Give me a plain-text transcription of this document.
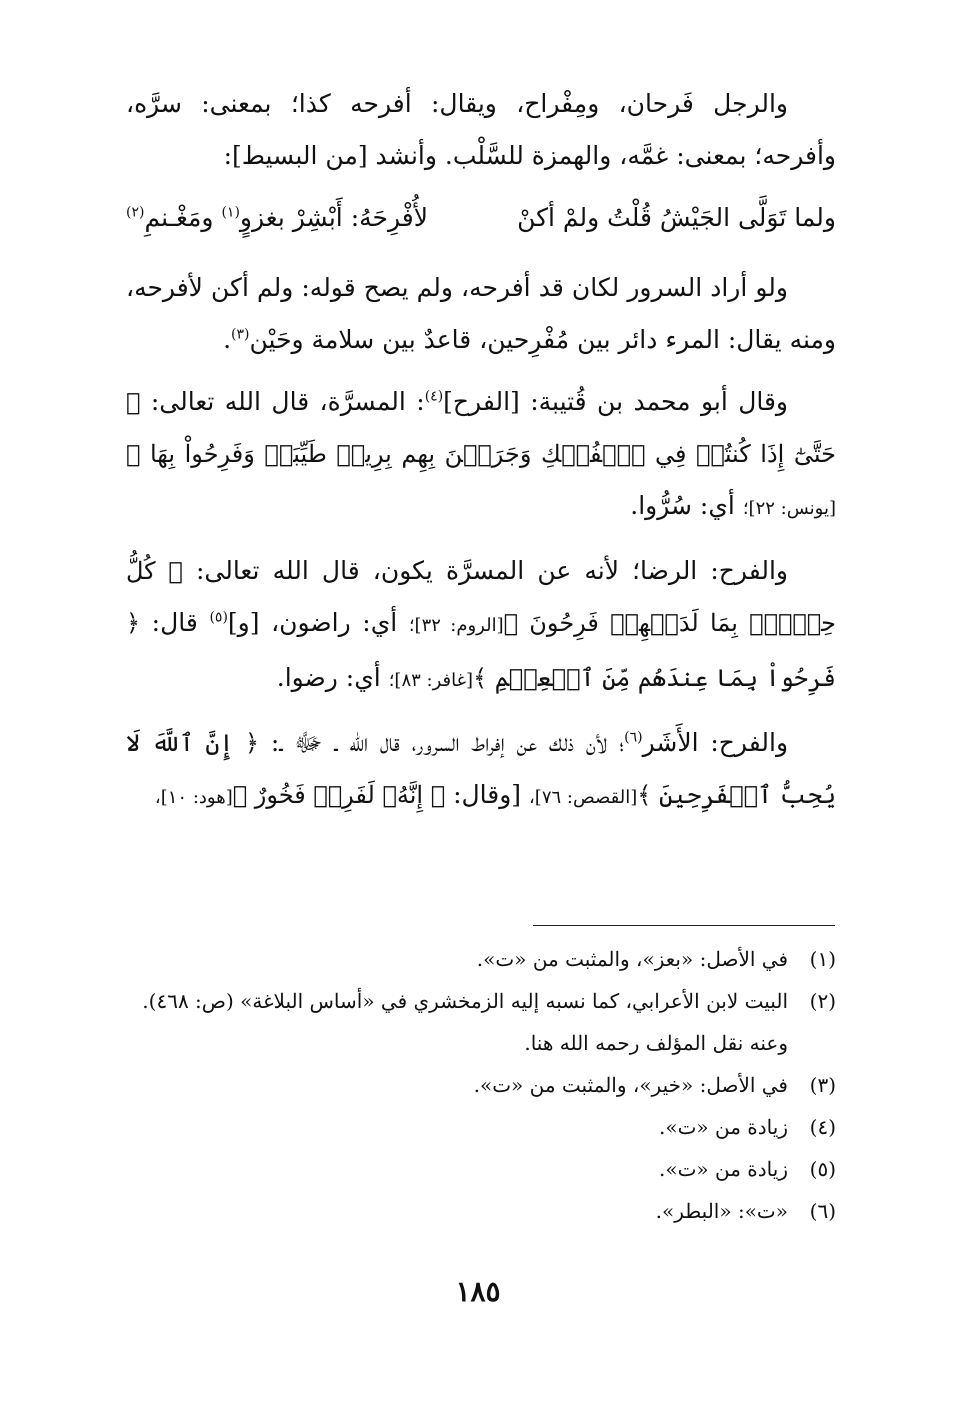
والرجل فَرحان، ومِفْراح، ويقال: أفرحه كذا؛ بمعنى: سرَّه، وأفرحه؛ بمعنى: غمَّه، والهمزة للسَّلْب. وأنشد [من البسيط]:

ولما تَوَلَّى الجَيْشُ قُلْتُ ولمْ أكنْ
لأُفْرِحَهُ: أَبْشِرْ بغزوٍ$^{(١)}$ ومَغْـنمِ$^{(٢)}$

ولو أراد السرور لكان قد أفرحه، ولم يصح قوله: ولم أكن لأفرحه، ومنه يقال: المرء دائر بين مُفْرِحين، قاعدٌ بين سلامة وحَيْن$^{(٣)}$.

وقال أبو محمد بن قُتيبة: [الفرح]$^{(٤)}$: المسرَّة، قال الله تعالى: ﴿ حَتَّىٰٓ إِذَا كُنتُمۡ فِي ٱلۡفُلۡكِ وَجَرَيۡنَ بِهِم بِرِيحٖ طَيِّبَةٖ وَفَرِحُواْ بِهَا ﴾[يونس: ٢٢]؛ أي: سُرُّوا.

والفرح: الرضا؛ لأنه عن المسرَّة يكون، قال الله تعالى: ﴿ كُلُّ حِزۡبِۭ بِمَا لَدَيۡهِمۡ فَرِحُونَ ﴾[الروم: ٣٢]؛ أي: راضون، [و]$^{(٥)}$ قال: ﴿ فَرِحُواْ بِمَا عِندَهُم مِّنَ ٱلۡعِلۡمِ ﴾[غافر: ٨٣]؛ أي: رضوا.

والفرح: الأَشَر$^{(٦)}$؛ لأن ذلك عن إفراط السرور، قال الله ـ ﷻ ـ: ﴿ إِنَّ ٱللَّهَ لَا يُحِبُّ ٱلۡفَرِحِينَ ﴾[القصص: ٧٦]، [وقال: ﴿ إِنَّهُۥ لَفَرِحٞ فَخُورٌ ﴾[هود: ١٠]،

(١)
في الأصل: «بعز»، والمثبت من «ت».
(٢)
البيت لابن الأعرابي، كما نسبه إليه الزمخشري في «أساس البلاغة» (ص: ٤٦٨). وعنه نقل المؤلف رحمه الله هنا.
(٣)
في الأصل: «خير»، والمثبت من «ت».
(٤)
زيادة من «ت».
(٥)
زيادة من «ت».
(٦)
«ت»: «البطر».
١٨٥
